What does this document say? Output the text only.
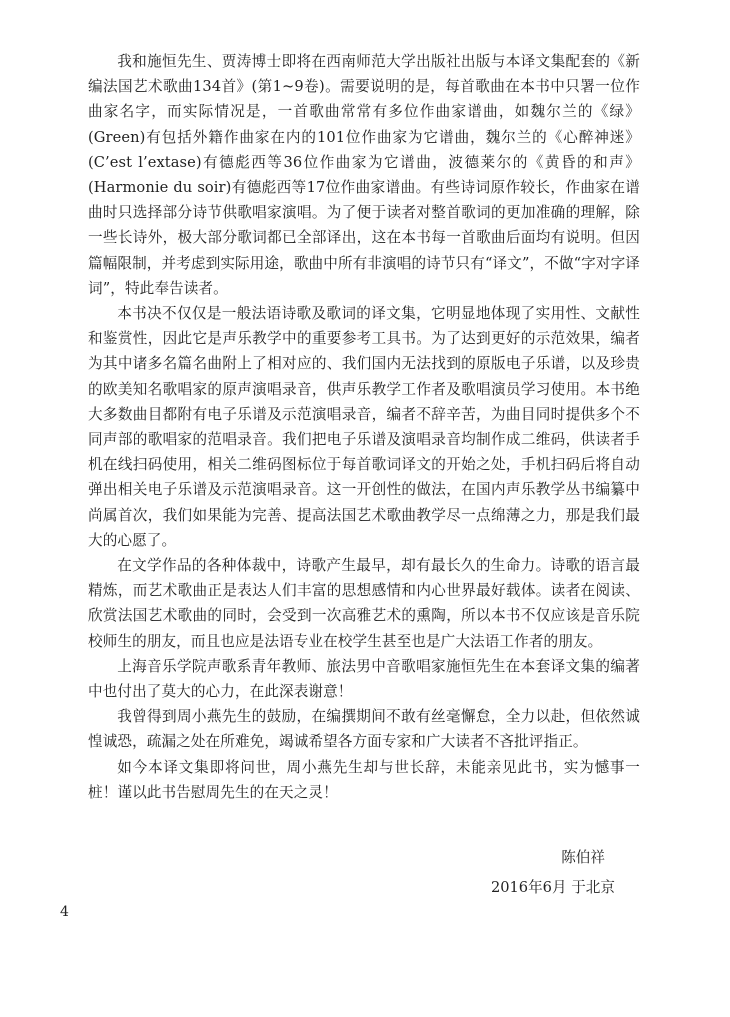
我和施恒先生、贾涛博士即将在西南师范大学出版社出版与本译文集配套的《新编法国艺术歌曲134首》(第1~9卷)。需要说明的是，每首歌曲在本书中只署一位作曲家名字，而实际情况是，一首歌曲常常有多位作曲家谱曲，如魏尔兰的《绿》(Green)有包括外籍作曲家在内的101位作曲家为它谱曲，魏尔兰的《心醉神迷》(C’est l’extase)有德彪西等36位作曲家为它谱曲，波德莱尔的《黄昏的和声》(Harmonie du soir)有德彪西等17位作曲家谱曲。有些诗词原作较长，作曲家在谱曲时只选择部分诗节供歌唱家演唱。为了便于读者对整首歌词的更加准确的理解，除一些长诗外，极大部分歌词都已全部译出，这在本书每一首歌曲后面均有说明。但因篇幅限制，并考虑到实际用途，歌曲中所有非演唱的诗节只有“译文”，不做“字对字译词”，特此奉告读者。

本书决不仅仅是一般法语诗歌及歌词的译文集，它明显地体现了实用性、文献性和鉴赏性，因此它是声乐教学中的重要参考工具书。为了达到更好的示范效果，编者为其中诸多名篇名曲附上了相对应的、我们国内无法找到的原版电子乐谱，以及珍贵的欧美知名歌唱家的原声演唱录音，供声乐教学工作者及歌唱演员学习使用。本书绝大多数曲目都附有电子乐谱及示范演唱录音，编者不辞辛苦，为曲目同时提供多个不同声部的歌唱家的范唱录音。我们把电子乐谱及演唱录音均制作成二维码，供读者手机在线扫码使用，相关二维码图标位于每首歌词译文的开始之处，手机扫码后将自动弹出相关电子乐谱及示范演唱录音。这一开创性的做法，在国内声乐教学丛书编纂中尚属首次，我们如果能为完善、提高法国艺术歌曲教学尽一点绵薄之力，那是我们最大的心愿了。

在文学作品的各种体裁中，诗歌产生最早，却有最长久的生命力。诗歌的语言最精炼，而艺术歌曲正是表达人们丰富的思想感情和内心世界最好载体。读者在阅读、欣赏法国艺术歌曲的同时，会受到一次高雅艺术的熏陶，所以本书不仅应该是音乐院校师生的朋友，而且也应是法语专业在校学生甚至也是广大法语工作者的朋友。

上海音乐学院声歌系青年教师、旅法男中音歌唱家施恒先生在本套译文集的编著中也付出了莫大的心力，在此深表谢意！

我曾得到周小燕先生的鼓励，在编撰期间不敢有丝毫懈怠，全力以赴，但依然诚惶诚恐，疏漏之处在所难免，竭诚希望各方面专家和广大读者不吝批评指正。

如今本译文集即将问世，周小燕先生却与世长辞，未能亲见此书，实为憾事一桩！谨以此书告慰周先生的在天之灵！

陈伯祥
2016年6月 于北京
4
